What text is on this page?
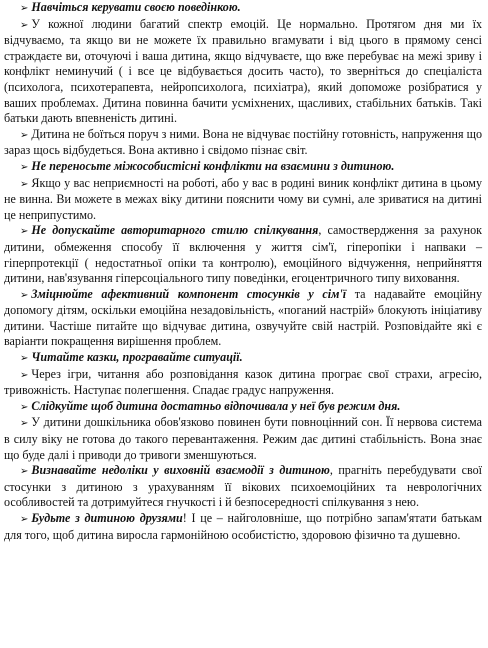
➢ Навчіться керувати своєю поведінкою.

➢ У кожної людини багатий спектр емоцій. Це нормально. Протягом дня ми їх відчуваємо, та якщо ви не можете їх правильно вгамувати і від цього в прямому сенсі страждаєте ви, оточуючі і ваша дитина, якщо відчуваєте, що вже перебуває на межі зриву і конфлікт неминучий ( і все це відбувається досить часто), то зверніться до спеціаліста (психолога, психотерапевта, нейропсихолога, психіатра), який допоможе розібратися у ваших проблемах. Дитина повинна бачити усміхнених, щасливих, стабільних батьків. Такі батьки дають впевненість дитині.

➢ Дитина не боїться поруч з ними. Вона не відчуває постійну готовність, напруження що зараз щось відбудеться. Вона активно і свідомо пізнає світ.

➢ Не переносьте міжособистісні конфлікти на взаємини з дитиною.

➢ Якщо у вас неприємності на роботі, або у вас в родині виник конфлікт дитина в цьому не винна. Ви можете в межах віку дитини пояснити чому ви сумні, але зриватися на дитині це неприпустимо.

➢ Не допускайте авторитарного стилю спілкування, самоствердження за рахунок дитини, обмеження способу її включення у життя сім'ї, гіперопіки і напваки – гіперпротекції ( недостатньої опіки та контролю), емоційного відчуження, неприйняття дитини, нав'язування гіперсоціального типу поведінки, егоцентричного типу виховання.

➢ Зміцнюйте афективний компонент стосунків у сім'ї та надавайте емоційну допомогу дітям, оскільки емоційна незадовільність, «поганий настрій» блокують ініціативу дитини. Частіше питайте що відчуває дитина, озвучуйте свій настрій. Розповідайте які є варіанти покращення вирішення проблем.

➢ Читайте казки, програвайте ситуації.

➢ Через ігри, читання або розповідання казок дитина програє свої страхи, агресію, тривожність. Наступає полегшення. Спадає градус напруження.

➢ Слідкуйте щоб дитина достатньо відпочивала у неї був режим дня.

➢ У дитини дошкільника обов'язково повинен бути повноцінний сон. Її нервова система в силу віку не готова до такого перевантаження. Режим дає дитині стабільність. Вона знає що буде далі і приводи до тривоги зменшуються.

➢ Визнавайте недоліки у виховній взаємодії з дитиною, прагніть перебудувати свої стосунки з дитиною з урахуванням її вікових психоемоційних та неврологічних особливостей та дотримуйтеся гнучкості і й безпосередності спілкування з нею.

➢ Будьте з дитиною друзями! І це – найголовніше, що потрібно запам'ятати батькам для того, щоб дитина виросла гармонійною особистістю, здоровою фізично та душевно.
